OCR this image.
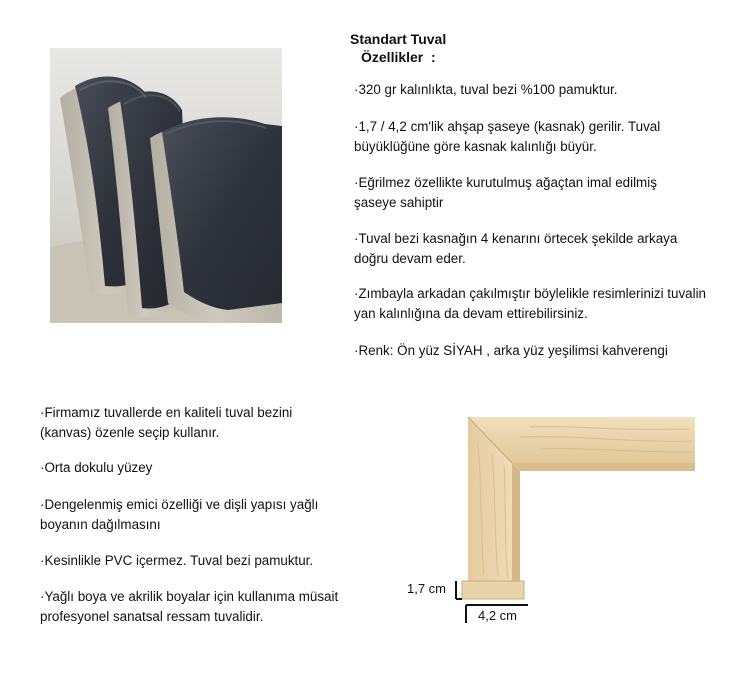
Standart Tuval
Özellikler  :
·320 gr kalınlıkta, tuval bezi %100 pamuktur.
·1,7 / 4,2 cm'lik ahşap şaseye (kasnak) gerilir. Tuval büyüklüğüne göre kasnak kalınlığı büyür.
·Eğrilmez özellikte kurutulmuş ağaçtan imal edilmiş şaseye sahiptir
·Tuval bezi kasnağın 4 kenarını örtecek şekilde arkaya doğru devam eder.
·Zımbayla arkadan çakılmıştır böylelikle resimlerinizi tuvalin yan kalınlığına da devam ettirebilirsiniz.
·Renk: Ön yüz SİYAH , arka yüz yeşilimsi kahverengi
·Firmamız tuvallerde en kaliteli tuval bezini (kanvas) özenle seçip kullanır.
·Orta dokulu yüzey
·Dengelenmiş emici özelliği ve dişli yapısı yağlı boyanın dağılmasını
·Kesinlikle PVC içermez. Tuval bezi pamuktur.
·Yağlı boya ve akrilik boyalar için kullanıma müsait profesyonel sanatsal ressam tuvalidir.
1,7 cm
4,2 cm
